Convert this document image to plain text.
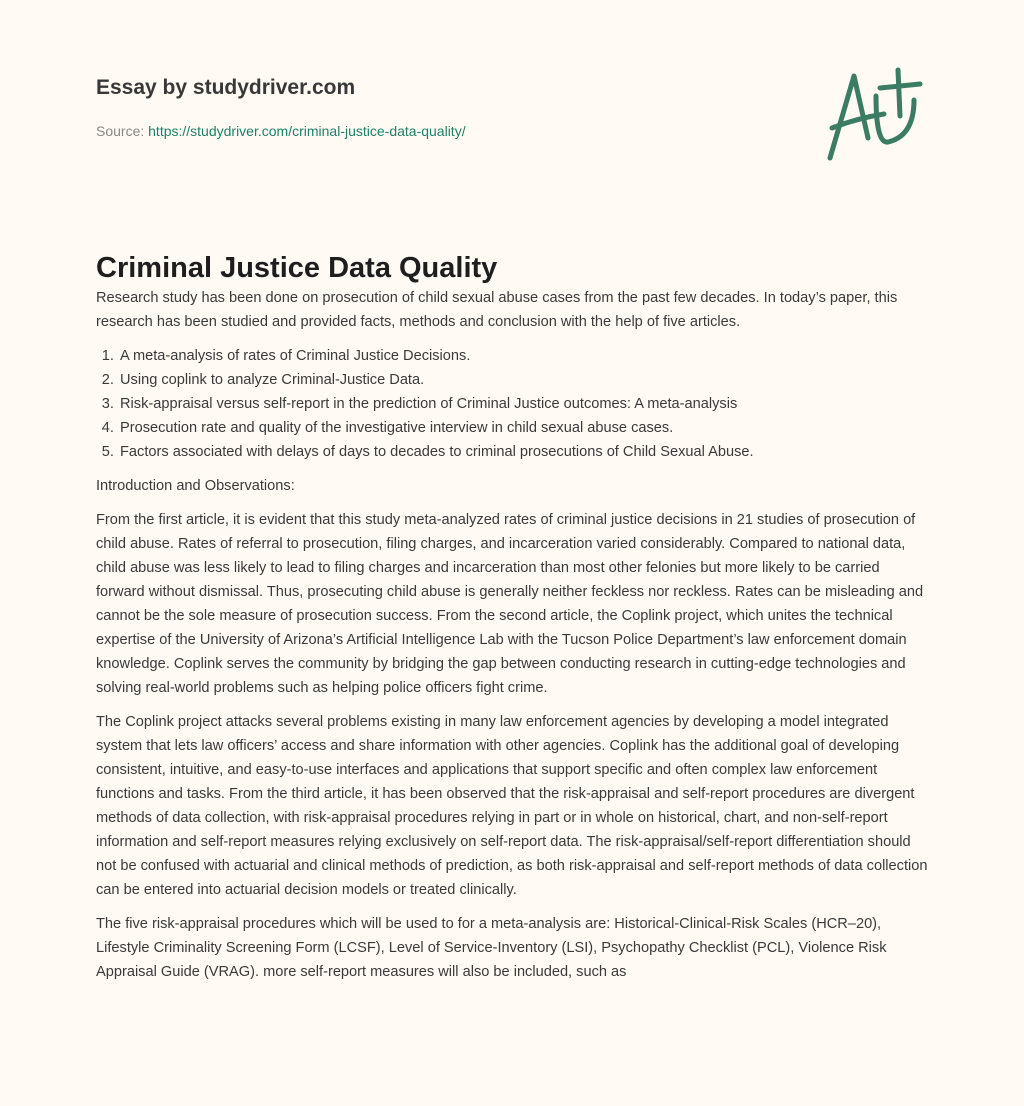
Essay by studydriver.com
Source: https://studydriver.com/criminal-justice-data-quality/
Criminal Justice Data Quality

Research study has been done on prosecution of child sexual abuse cases from the past few decades. In today’s paper, this research has been studied and provided facts, methods and conclusion with the help of five articles.

1. A meta-analysis of rates of Criminal Justice Decisions.
2. Using coplink to analyze Criminal-Justice Data.
3. Risk-appraisal versus self-report in the prediction of Criminal Justice outcomes: A meta-analysis
4. Prosecution rate and quality of the investigative interview in child sexual abuse cases.
5. Factors associated with delays of days to decades to criminal prosecutions of Child Sexual Abuse.

Introduction and Observations:

From the first article, it is evident that this study meta-analyzed rates of criminal justice decisions in 21 studies of prosecution of child abuse. Rates of referral to prosecution, filing charges, and incarceration varied considerably. Compared to national data, child abuse was less likely to lead to filing charges and incarceration than most other felonies but more likely to be carried forward without dismissal. Thus, prosecuting child abuse is generally neither feckless nor reckless. Rates can be misleading and cannot be the sole measure of prosecution success. From the second article, the Coplink project, which unites the technical expertise of the University of Arizona’s Artificial Intelligence Lab with the Tucson Police Department’s law enforcement domain knowledge. Coplink serves the community by bridging the gap between conducting research in cutting-edge technologies and solving real-world problems such as helping police officers fight crime.

The Coplink project attacks several problems existing in many law enforcement agencies by developing a model integrated system that lets law officers’ access and share information with other agencies. Coplink has the additional goal of developing consistent, intuitive, and easy-to-use interfaces and applications that support specific and often complex law enforcement functions and tasks. From the third article, it has been observed that the risk-appraisal and self-report procedures are divergent methods of data collection, with risk-appraisal procedures relying in part or in whole on historical, chart, and non-self-report information and self-report measures relying exclusively on self-report data. The risk-appraisal/self-report differentiation should not be confused with actuarial and clinical methods of prediction, as both risk-appraisal and self-report methods of data collection can be entered into actuarial decision models or treated clinically.

The five risk-appraisal procedures which will be used to for a meta-analysis are: Historical-Clinical-Risk Scales (HCR–20), Lifestyle Criminality Screening Form (LCSF), Level of Service-Inventory (LSI), Psychopathy Checklist (PCL), Violence Risk Appraisal Guide (VRAG). more self-report measures will also be included, such as
